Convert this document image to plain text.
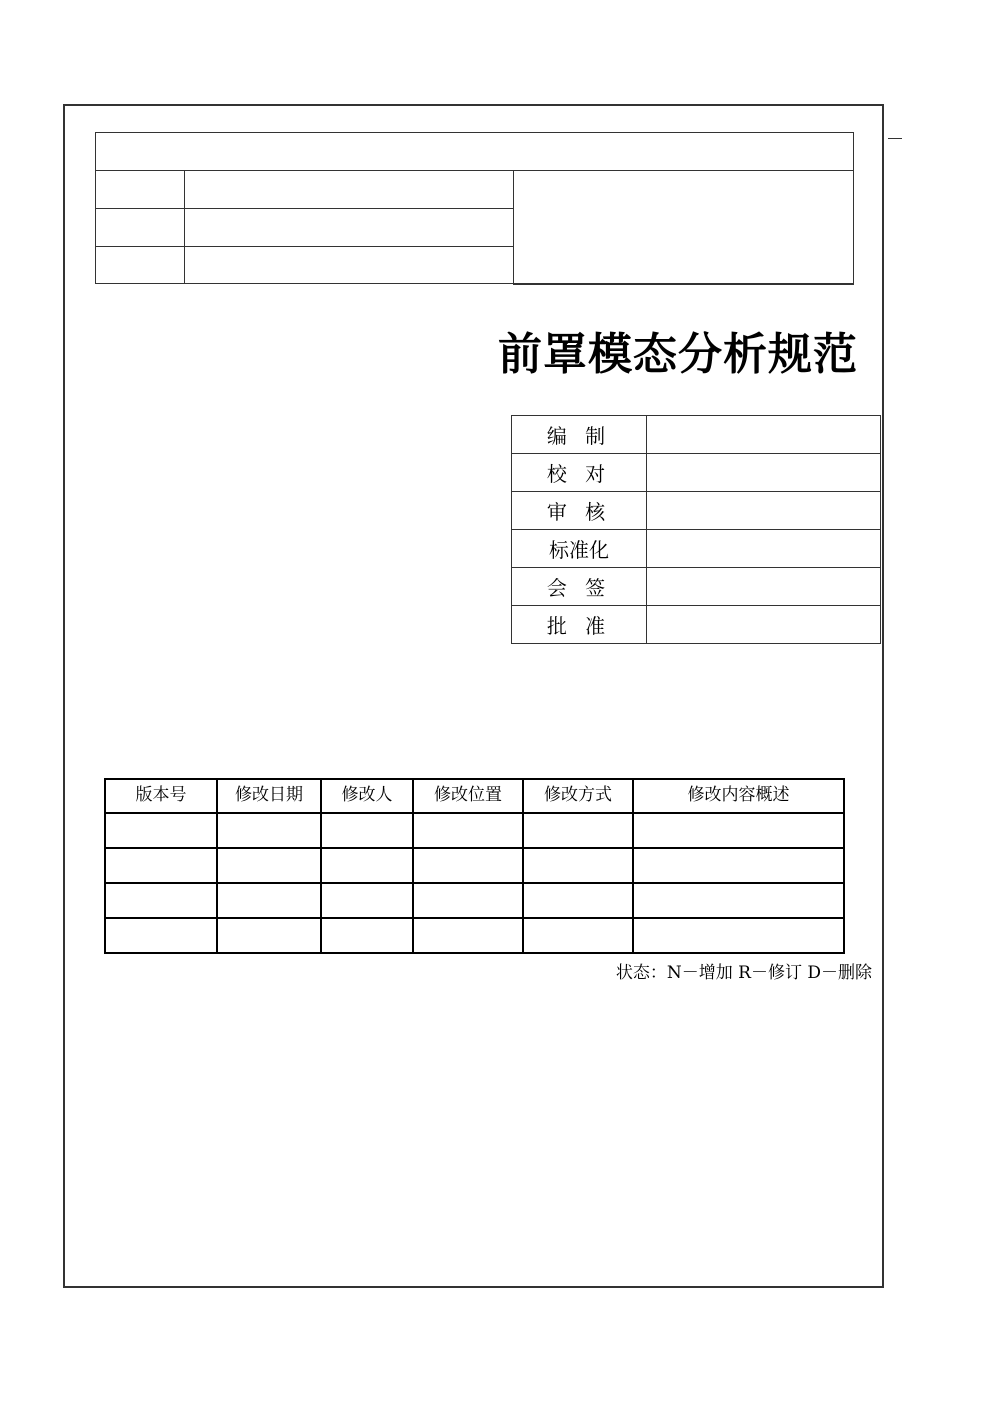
前罩模态分析规范
编 制	
校 对	
审 核	
标准化	
会 签	
批 准	
版本号	修改日期	修改人	修改位置	修改方式	修改内容概述

状态：N－增加 R－修订 D－删除
